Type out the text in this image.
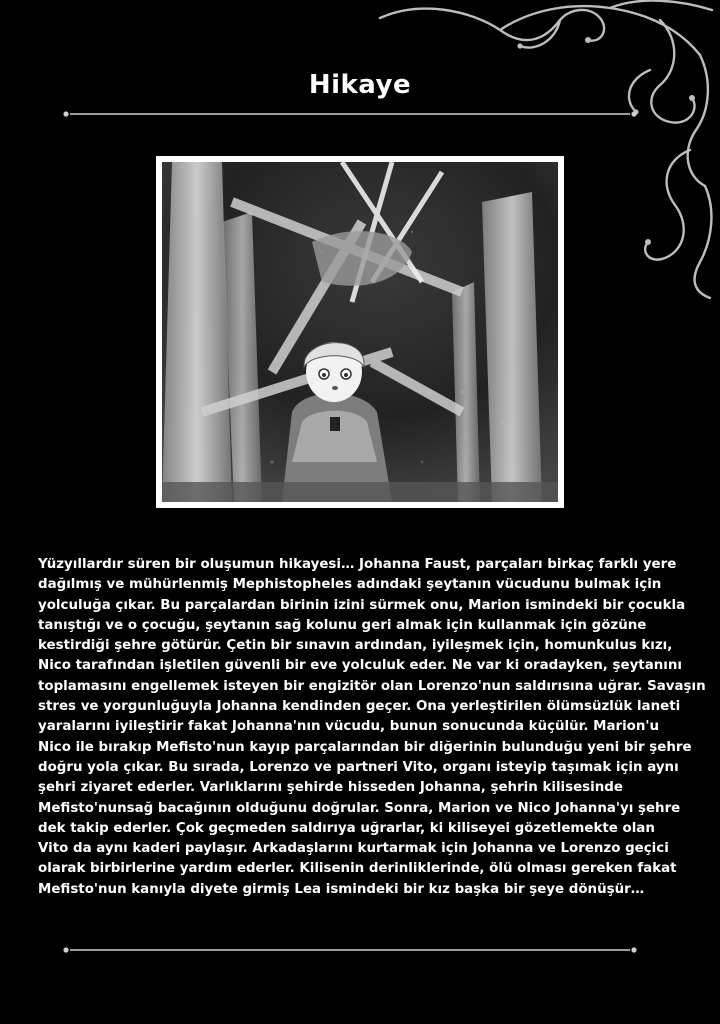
Hikaye
Yüzyıllardır süren bir oluşumun hikayesi… Johanna Faust, parçaları birkaç farklı yere
dağılmış ve mühürlenmiş Mephistopheles adındaki şeytanın vücudunu bulmak için
yolculuğa çıkar. Bu parçalardan birinin izini sürmek onu, Marion ismindeki bir çocukla
tanıştığı ve o çocuğu, şeytanın sağ kolunu geri almak için kullanmak için gözüne
kestirdiği şehre götürür. Çetin bir sınavın ardından, iyileşmek için, homunkulus kızı,
Nico tarafından işletilen güvenli bir eve yolculuk eder. Ne var ki oradayken, şeytanını
toplamasını engellemek isteyen bir engizitör olan Lorenzo'nun saldırısına uğrar. Savaşın
stres ve yorgunluğuyla Johanna kendinden geçer. Ona yerleştirilen ölümsüzlük laneti
yaralarını iyileştirir fakat Johanna'nın vücudu, bunun sonucunda küçülür. Marion'u
Nico ile bırakıp Mefisto'nun kayıp parçalarından bir diğerinin bulunduğu yeni bir şehre
doğru yola çıkar. Bu sırada, Lorenzo ve partneri Vito, organı isteyip taşımak için aynı
şehri ziyaret ederler. Varlıklarını şehirde hisseden Johanna, şehrin kilisesinde
Mefisto'nunsağ bacağının olduğunu doğrular. Sonra, Marion ve Nico Johanna'yı şehre
dek takip ederler. Çok geçmeden saldırıya uğrarlar, ki kiliseyei gözetlemekte olan
Vito da aynı kaderi paylaşır. Arkadaşlarını kurtarmak için Johanna ve Lorenzo geçici
olarak birbirlerine yardım ederler. Kilisenin derinliklerinde, ölü olması gereken fakat
Mefisto'nun kanıyla diyete girmiş Lea ismindeki bir kız başka bir şeye dönüşür…
